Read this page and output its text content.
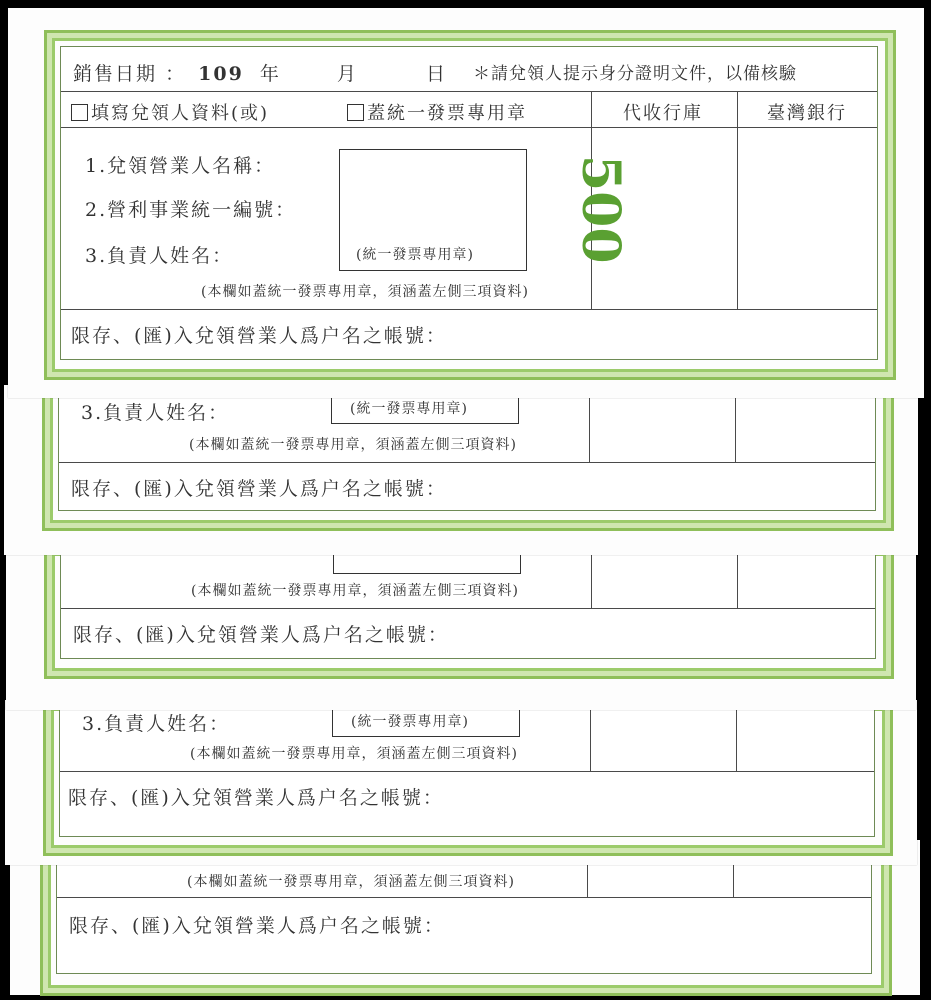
(本欄如蓋統一發票專用章，須涵蓋左側三項資料)
限存、(匯)入兌領營業人爲户名之帳號：
3.負責人姓名：	(統一發票專用章)
(本欄如蓋統一發票專用章，須涵蓋左側三項資料)
限存、(匯)入兌領營業人爲户名之帳號：
(本欄如蓋統一發票專用章，須涵蓋左側三項資料)
限存、(匯)入兌領營業人爲户名之帳號：
3.負責人姓名：	(統一發票專用章)
(本欄如蓋統一發票專用章，須涵蓋左側三項資料)
限存、(匯)入兌領營業人爲户名之帳號：
銷售日期 ： 109 年	月	日 ＊請兌領人提示身分證明文件，以備核驗
填寫兌領人資料(或)	蓋統一發票專用章	代收行庫	臺灣銀行
1.兌領營業人名稱：
2.營利事業統一編號：
3.負責人姓名：	(統一發票專用章)
(本欄如蓋統一發票專用章，須涵蓋左側三項資料)
500
限存、(匯)入兌領營業人爲户名之帳號：
